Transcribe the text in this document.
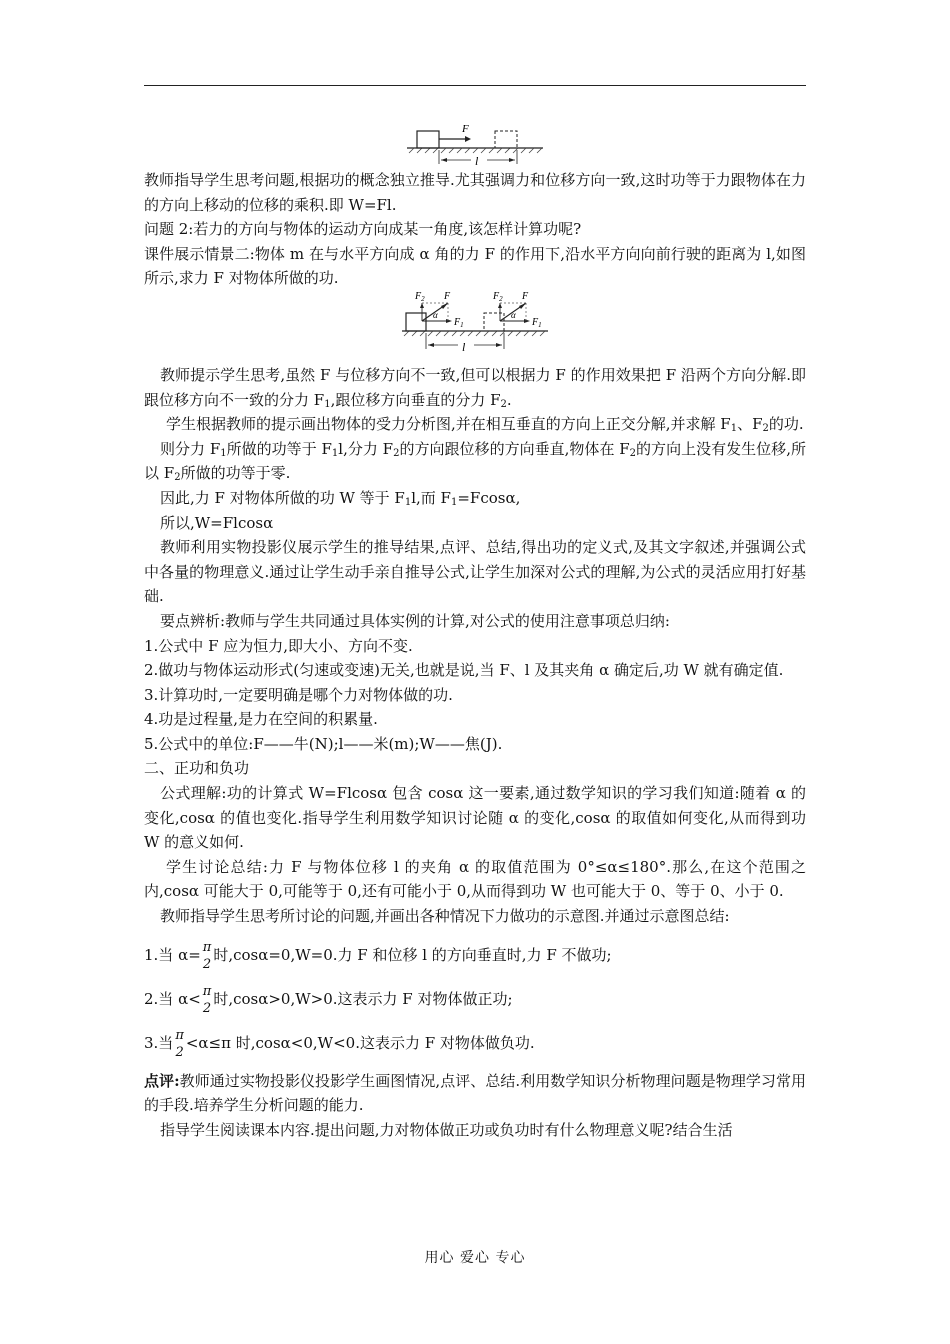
F
l

教师指导学生思考问题,根据功的概念独立推导.尤其强调力和位移方向一致,这时功等于力跟物体在力的方向上移动的位移的乘积.即 W=Fl.

问题 2:若力的方向与物体的运动方向成某一角度,该怎样计算功呢?

课件展示情景二:物体 m 在与水平方向成 α 角的力 F 的作用下,沿水平方向向前行驶的距离为 l,如图所示,求力 F 对物体所做的功.

$F_2$ F
α
$F_1$
$F_2$ F
α
$F_1$
l

教师提示学生思考,虽然 F 与位移方向不一致,但可以根据力 F 的作用效果把 F 沿两个方向分解.即跟位移方向不一致的分力 $F_1$,跟位移方向垂直的分力 $F_2$.

学生根据教师的提示画出物体的受力分析图,并在相互垂直的方向上正交分解,并求解 $F_1$、$F_2$的功.

则分力 $F_1$所做的功等于 $F_1l$,分力 $F_2$的方向跟位移的方向垂直,物体在 $F_2$的方向上没有发生位移,所以 $F_2$所做的功等于零.

因此,力 F 对物体所做的功 W 等于 $F_1l$,而 $F_1=Fcos\alpha$,

所以,W=Flcosα

教师利用实物投影仪展示学生的推导结果,点评、总结,得出功的定义式,及其文字叙述,并强调公式中各量的物理意义.通过让学生动手亲自推导公式,让学生加深对公式的理解,为公式的灵活应用打好基础.

要点辨析:教师与学生共同通过具体实例的计算,对公式的使用注意事项总归纳:

1.公式中 F 应为恒力,即大小、方向不变.

2.做功与物体运动形式(匀速或变速)无关,也就是说,当 F、l 及其夹角 α 确定后,功 W 就有确定值.

3.计算功时,一定要明确是哪个力对物体做的功.

4.功是过程量,是力在空间的积累量.

5.公式中的单位:F——牛(N);l——米(m);W——焦(J).

二、正功和负功

公式理解:功的计算式 W=Flcosα 包含 cosα 这一要素,通过数学知识的学习我们知道:随着 α 的变化,cosα 的值也变化.指导学生利用数学知识讨论随 α 的变化,cosα 的取值如何变化,从而得到功 W 的意义如何.

学生讨论总结:力 F 与物体位移 l 的夹角 α 的取值范围为 0°≤α≤180°.那么,在这个范围之内,cosα 可能大于 0,可能等于 0,还有可能小于 0,从而得到功 W 也可能大于 0、等于 0、小于 0.

教师指导学生思考所讨论的问题,并画出各种情况下力做功的示意图.并通过示意图总结:

1.当 α= π
2
时,cosα=0,W=0.力 F 和位移 l 的方向垂直时,力 F 不做功;

2.当 α< π
2
时,cosα>0,W>0.这表示力 F 对物体做正功;

3.当 π
2
<α≤π 时,cosα<0,W<0.这表示力 F 对物体做负功.

点评:教师通过实物投影仪投影学生画图情况,点评、总结.利用数学知识分析物理问题是物理学习常用的手段.培养学生分析问题的能力.

指导学生阅读课本内容.提出问题,力对物体做正功或负功时有什么物理意义呢?结合生活

用心 爱心 专心
